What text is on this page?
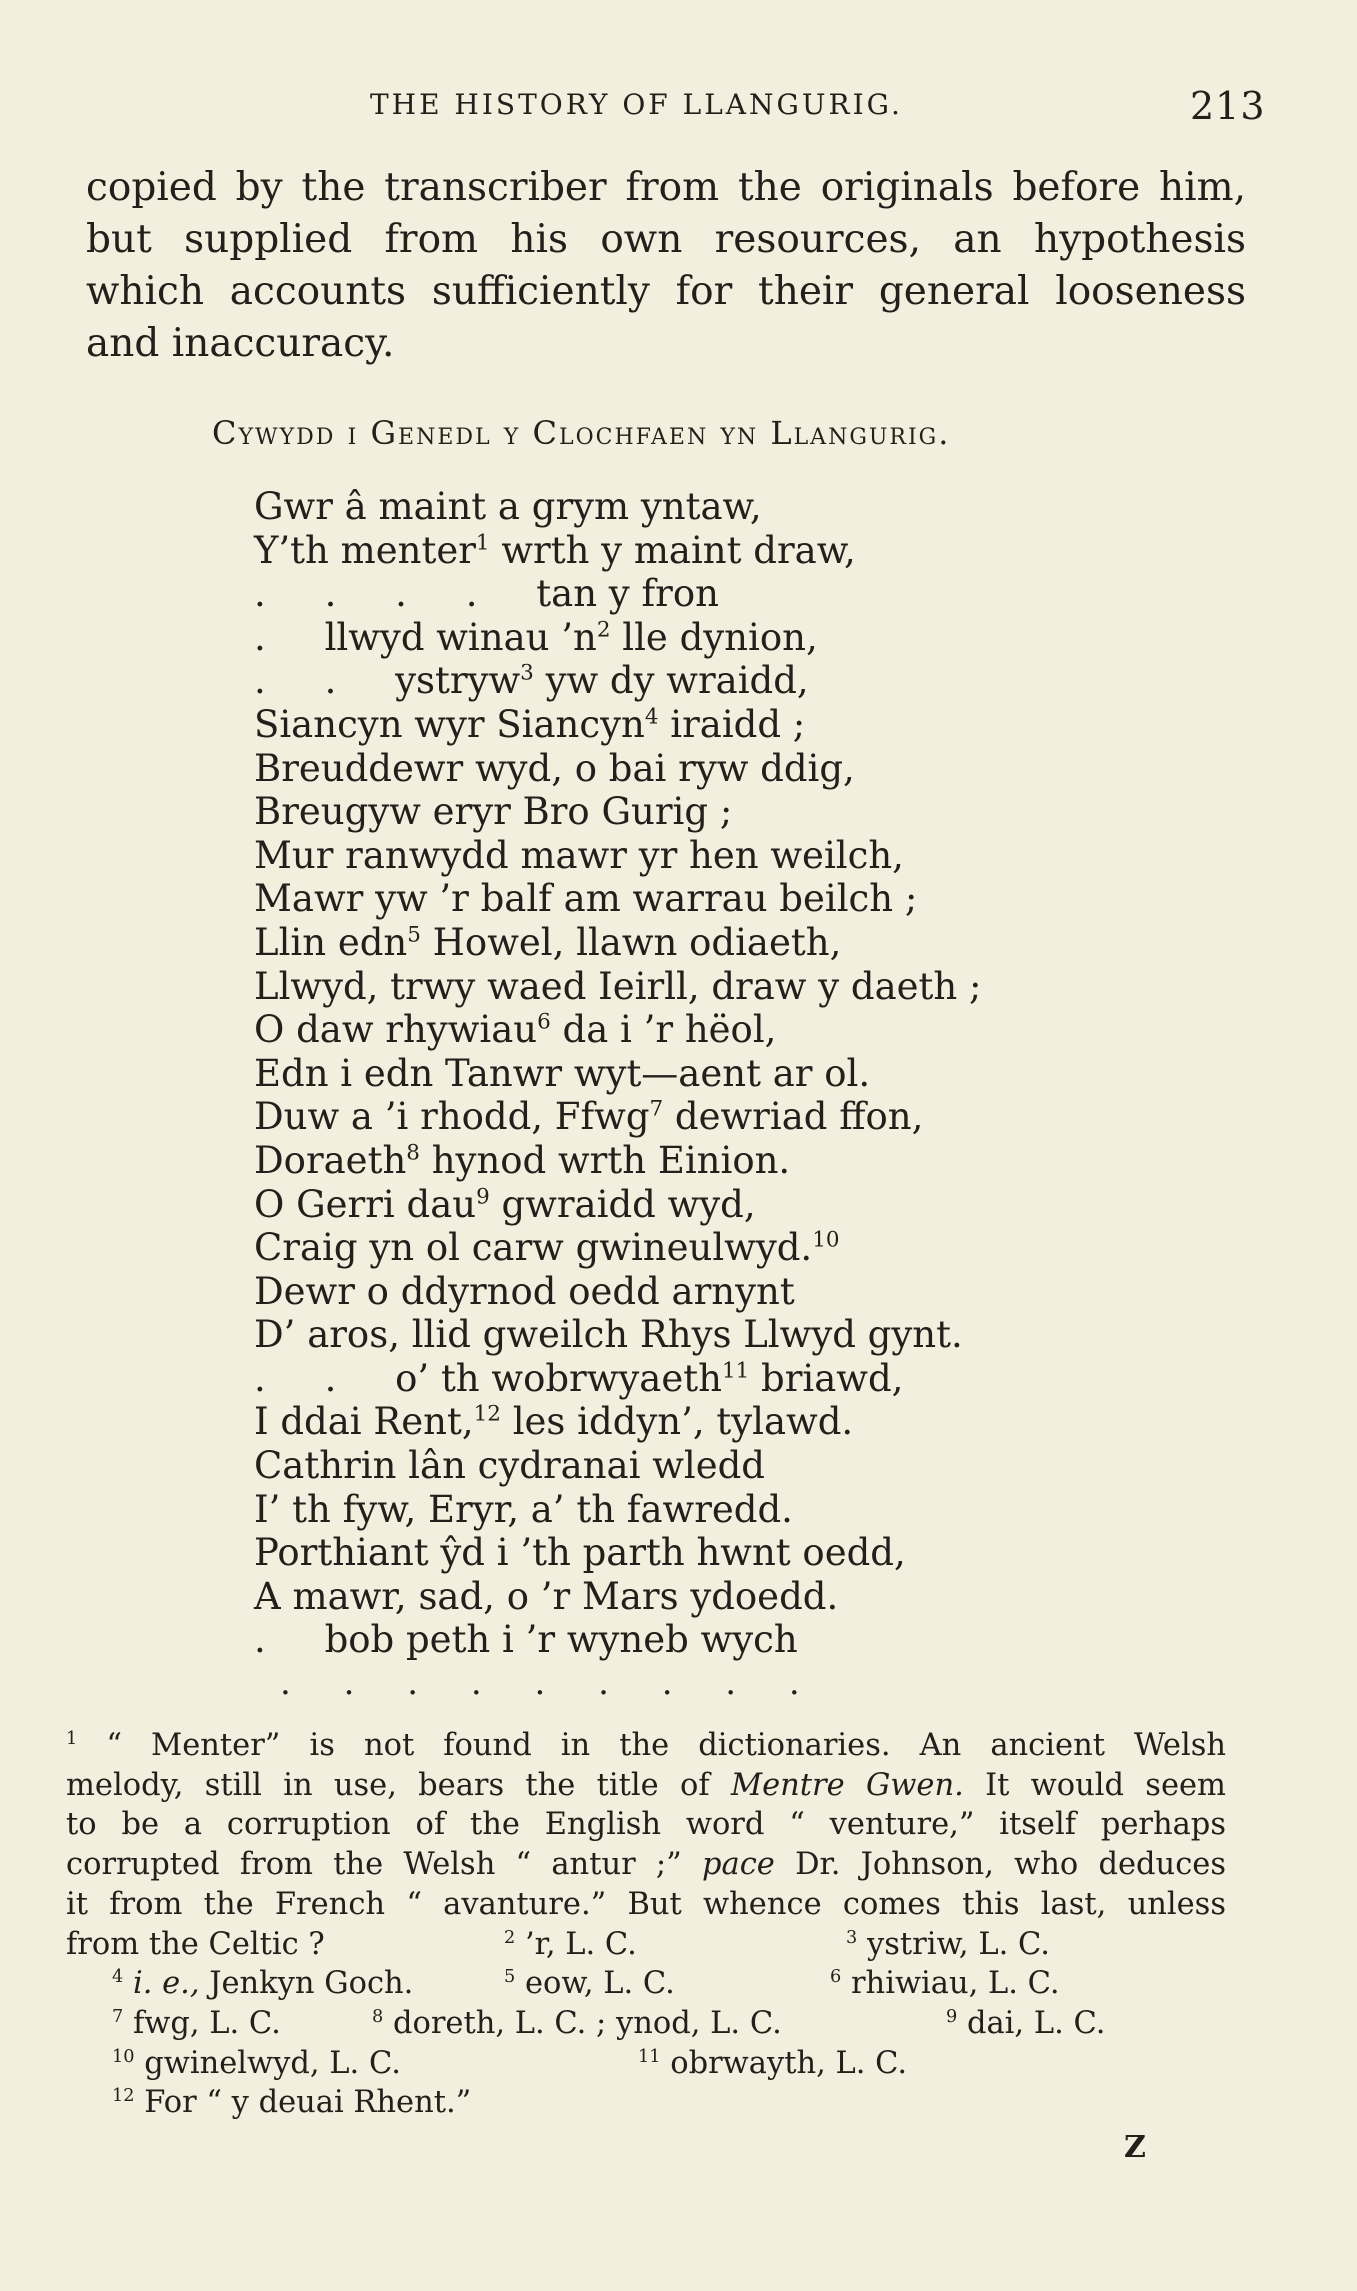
THE HISTORY OF LLANGURIG.	213

copied by the transcriber from the originals before him,
but supplied from his own resources, an hypothesis
which accounts sufficiently for their general looseness
and inaccuracy.

Cywydd i Genedl y Clochfaen yn Llangurig.
Gwr â maint a grym yntaw,
Y’th menter$^1$ wrth y maint draw,
.     .     .     .     tan y fron
.     llwyd winau $’n^2$ lle dynion,
.     .     ystryw$^3$ yw dy wraidd,
Siancyn wyr Siancyn$^4$ iraidd ;
Breuddewr wyd, o bai ryw ddig,
Breugyw eryr Bro Gurig ;
Mur ranwydd mawr yr hen weilch,
Mawr yw ’r balf am warrau beilch ;
Llin edn$^5$ Howel, llawn odiaeth,
Llwyd, trwy waed Ieirll, draw y daeth ;
O daw rhywiau$^6$ da i ’r hëol,
Edn i edn Tanwr wyt—aent ar ol.
Duw a ’i rhodd, Ffwg$^7$ dewriad ffon,
Doraeth$^8$ hynod wrth Einion.
O Gerri dau$^9$ gwraidd wyd,
Craig yn ol carw gwineulwyd.$^{10}$
Dewr o ddyrnod oedd arnynt
D’ aros, llid gweilch Rhys Llwyd gynt.
.     .     o’ th wobrwyaeth$^{11}$ briawd,
I ddai Rent,$^{12}$ les iddyn’, tylawd.
Cathrin lân cydranai wledd
I’ th fyw, Eryr, a’ th fawredd.
Porthiant ŷd i ’th parth hwnt oedd,
A mawr, sad, o ’r Mars ydoedd.
.     bob peth i ’r wyneb wych
. . . . . . . . .
$^1$ “ Menter” is not found in the dictionaries. An ancient Welsh
melody, still in use, bears the title of Mentre Gwen. It would seem
to be a corruption of the English word “ venture,” itself perhaps
corrupted from the Welsh “ antur ;” pace Dr. Johnson, who deduces
it from the French “ avanture.” But whence comes this last, unless
from the Celtic ?	$^2$ ’r, L. C.	$^3$ ystriw, L. C.
$^4$ i. e., Jenkyn Goch.	$^5$ eow, L. C.	$^6$ rhiwiau, L. C.
$^7$ fwg, L. C.	$^8$ doreth, L. C. ; ynod, L. C.	$^9$ dai, L. C.
$^{10}$ gwinelwyd, L. C.	$^{11}$ obrwayth, L. C.
$^{12}$ For “ y deuai Rhent.”
Z
